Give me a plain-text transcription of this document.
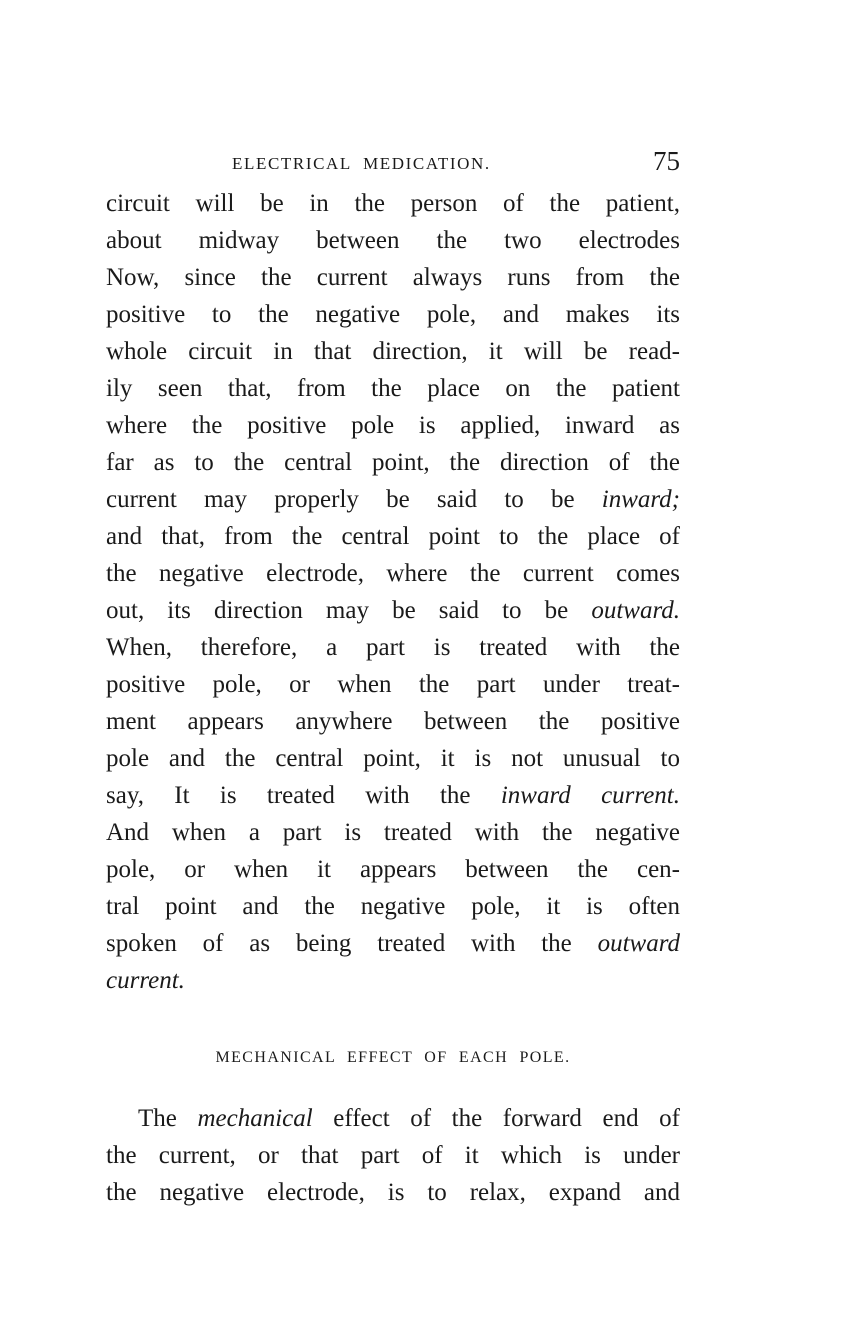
ELECTRICAL MEDICATION.	75
circuit will be in the person of the patient,
about midway between the two electrodes
Now, since the current always runs from the
positive to the negative pole, and makes its
whole circuit in that direction, it will be read-
ily seen that, from the place on the patient
where the positive pole is applied, inward as
far as to the central point, the direction of the
current may properly be said to be inward;
and that, from the central point to the place of
the negative electrode, where the current comes
out, its direction may be said to be outward.
When, therefore, a part is treated with the
positive pole, or when the part under treat-
ment appears anywhere between the positive
pole and the central point, it is not unusual to
say, It is treated with the inward current.
And when a part is treated with the negative
pole, or when it appears between the cen-
tral point and the negative pole, it is often
spoken of as being treated with the outward
current.
MECHANICAL EFFECT OF EACH POLE.
The mechanical effect of the forward end of
the current, or that part of it which is under
the negative electrode, is to relax, expand and
